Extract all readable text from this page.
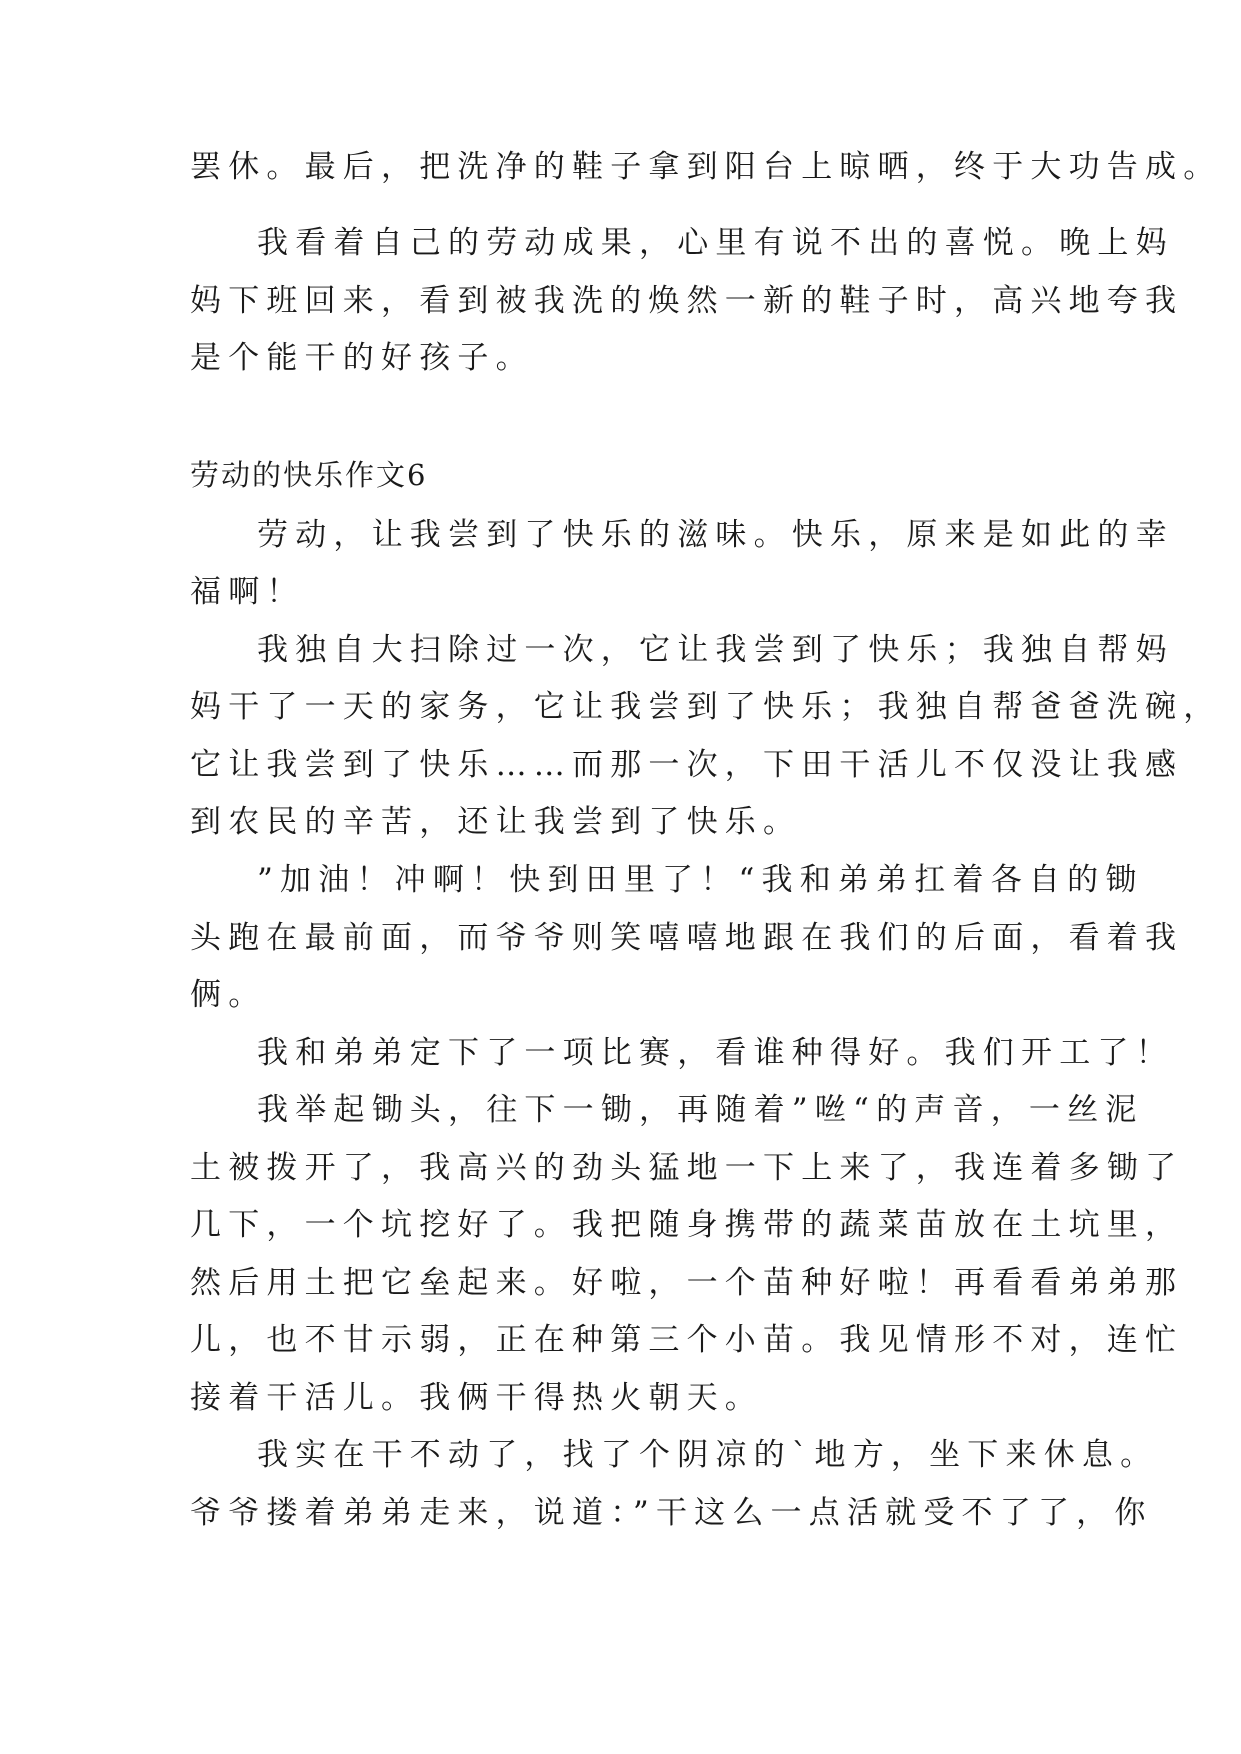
罢休。最后，把洗净的鞋子拿到阳台上晾晒，终于大功告成。
我看着自己的劳动成果，心里有说不出的喜悦。晚上妈
妈下班回来，看到被我洗的焕然一新的鞋子时，高兴地夸我
是个能干的好孩子。
劳动的快乐作文6
劳动，让我尝到了快乐的滋味。快乐，原来是如此的幸
福啊！
我独自大扫除过一次，它让我尝到了快乐；我独自帮妈
妈干了一天的家务，它让我尝到了快乐；我独自帮爸爸洗碗，
它让我尝到了快乐……而那一次，下田干活儿不仅没让我感
到农民的辛苦，还让我尝到了快乐。
”加油！冲啊！快到田里了！“我和弟弟扛着各自的锄
头跑在最前面，而爷爷则笑嘻嘻地跟在我们的后面，看着我
俩。
我和弟弟定下了一项比赛，看谁种得好。我们开工了！
我举起锄头，往下一锄，再随着”咝“的声音，一丝泥
土被拨开了，我高兴的劲头猛地一下上来了，我连着多锄了
几下，一个坑挖好了。我把随身携带的蔬菜苗放在土坑里，
然后用土把它垒起来。好啦，一个苗种好啦！再看看弟弟那
儿，也不甘示弱，正在种第三个小苗。我见情形不对，连忙
接着干活儿。我俩干得热火朝天。
我实在干不动了，找了个阴凉的`地方，坐下来休息。
爷爷搂着弟弟走来，说道：”干这么一点活就受不了了，你
